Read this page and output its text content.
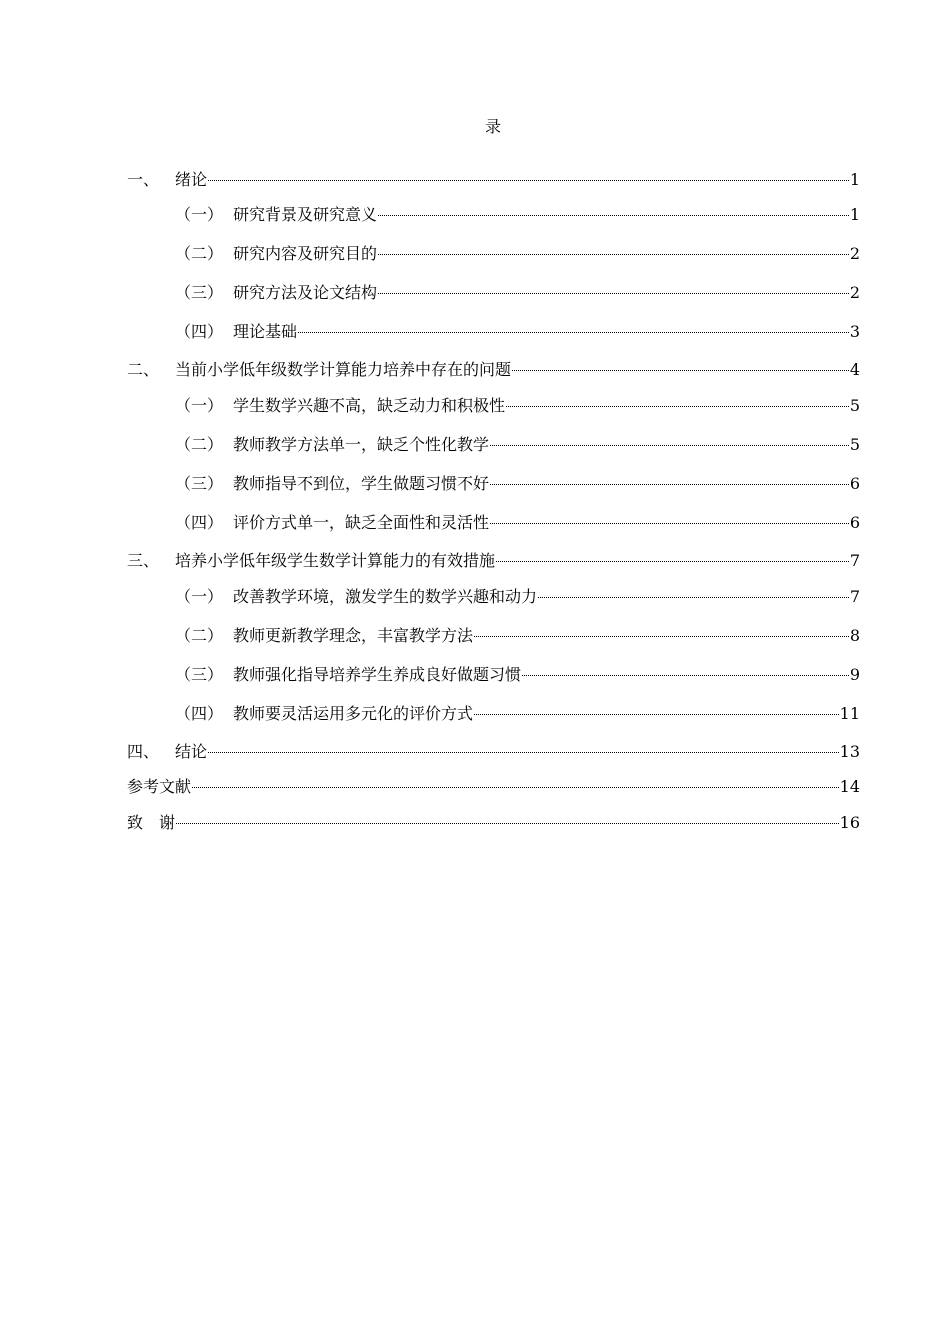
录
一、 绪论	1
（一） 研究背景及研究意义	1
（二） 研究内容及研究目的	2
（三） 研究方法及论文结构	2
（四） 理论基础	3
二、 当前小学低年级数学计算能力培养中存在的问题	4
（一） 学生数学兴趣不高，缺乏动力和积极性	5
（二） 教师教学方法单一，缺乏个性化教学	5
（三） 教师指导不到位，学生做题习惯不好	6
（四） 评价方式单一，缺乏全面性和灵活性	6
三、 培养小学低年级学生数学计算能力的有效措施	7
（一） 改善教学环境，激发学生的数学兴趣和动力	7
（二） 教师更新教学理念，丰富教学方法	8
（三） 教师强化指导培养学生养成良好做题习惯	9
（四） 教师要灵活运用多元化的评价方式	11
四、 结论	13
参考文献	14
致　谢	16
